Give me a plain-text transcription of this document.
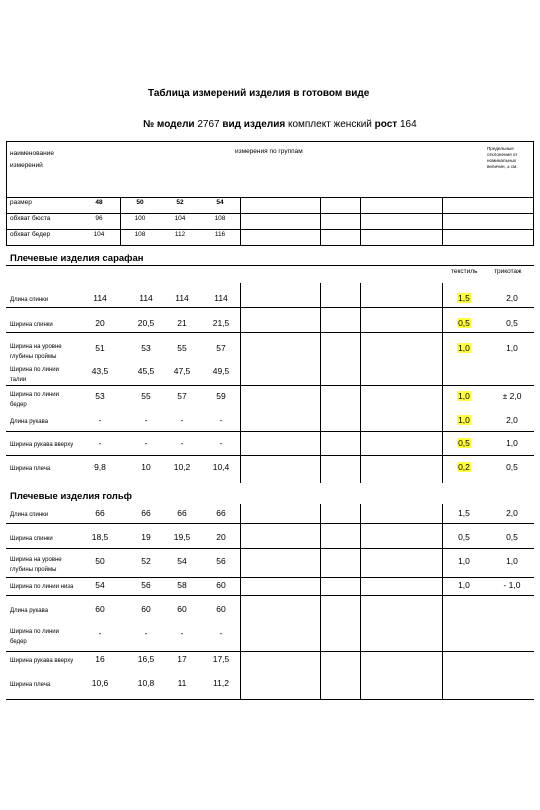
Таблица измерений изделия в готовом виде
№ модели 2767 вид изделия комплект женский рост 164
наименование
измерений
измерения по группам	Предельные
отклонения от
номинальных
величин, ± см.
размер	48	50	52	54
обхват бюста	96	100	104	108
обхват бедер	104	108	112	116
Плечевые изделия сарафан
текстиль	трикотаж
Длина спинки	114	114	114	114	1,5	2,0
Ширина спинки	20	20,5	21	21,5	0,5	0,5
Ширина на уровне
глубины проймы
51	53	55	57	1,0	1,0
Ширина по линии
талии
43,5	45,5	47,5	49,5
Ширина по линии
бедер
53	55	57	59	1,0	± 2,0
Длина рукава	-	-	-	-	1,0	2,0
Ширина рукава вверху	-	-	-	-	0,5	1,0
Ширина плеча	9,8	10	10,2	10,4	0,2	0,5
Плечевые изделия гольф
Длина спинки	66	66	66	66	1,5	2,0
Ширина спинки	18,5	19	19,5	20	0,5	0,5
Ширина на уровне
глубины проймы
50	52	54	56	1,0	1,0
Ширина по линии низа	54	56	58	60	1,0	- 1,0
Длина рукава	60	60	60	60
Ширина по линии
бедер
-	-	-	-
Ширина рукава вверху	16	16,5	17	17,5
Ширина плеча	10,6	10,8	11	11,2
